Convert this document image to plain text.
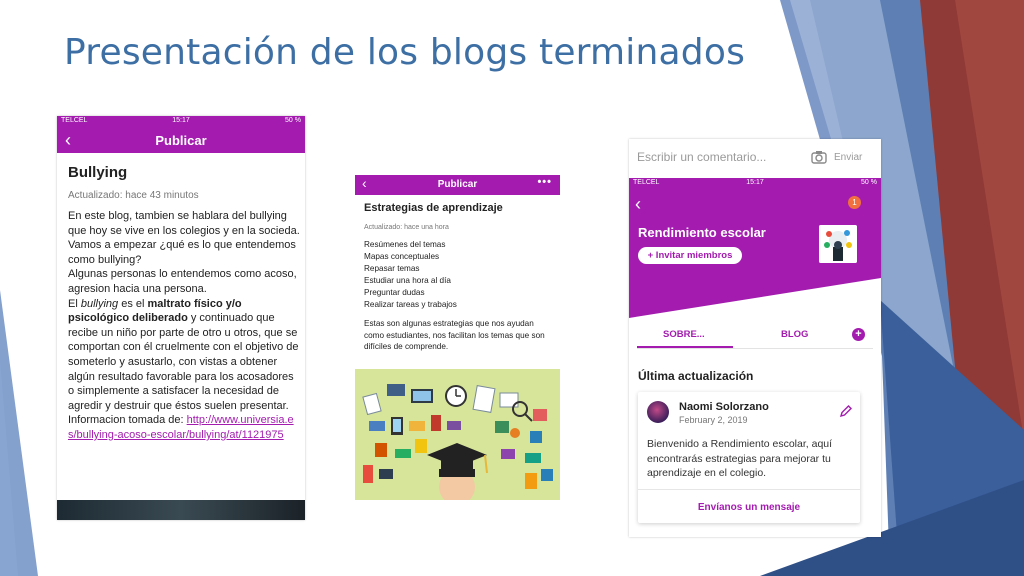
Presentación de los blogs terminados
TELCEL	15:17	50 %
‹	Publicar
Bullying
Actualizado: hace 43 minutos
En este blog, tambien se hablara del bullying que hoy se vive en los colegios y en la socieda.
Vamos a empezar ¿qué es lo que entendemos como bullying?
Algunas personas lo entendemos como acoso, agresion hacia una persona.
El bullying es el maltrato físico y/o psicológico deliberado y continuado que recibe un niño por parte de otro u otros, que se comportan con él cruelmente con el objetivo de someterlo y asustarlo, con vistas a obtener algún resultado favorable para los acosadores o simplemente a satisfacer la necesidad de agredir y destruir que éstos suelen presentar.
Informacion tomada de: http://www.universia.es/bullying-acoso-escolar/bullying/at/1121975
‹	Publicar	•••
Estrategias de aprendizaje
Actualizado: hace una hora
Resúmenes del temas
Mapas conceptuales
Repasar temas
Estudiar una hora al día
Preguntar dudas
Realizar tareas y trabajos
Estas son algunas estrategias que nos ayudan como estudiantes, nos facilitan los temas que son difíciles de comprende.
Escribir un comentario...	Enviar
TELCEL	15:17	50 %
‹	1
Rendimiento escolar
+ Invitar miembros
SOBRE...	BLOG	+
Última actualización
Naomi Solorzano
February 2, 2019
Bienvenido a Rendimiento escolar, aquí encontrarás estrategias para mejorar tu aprendizaje en el colegio.
Envíanos un mensaje
